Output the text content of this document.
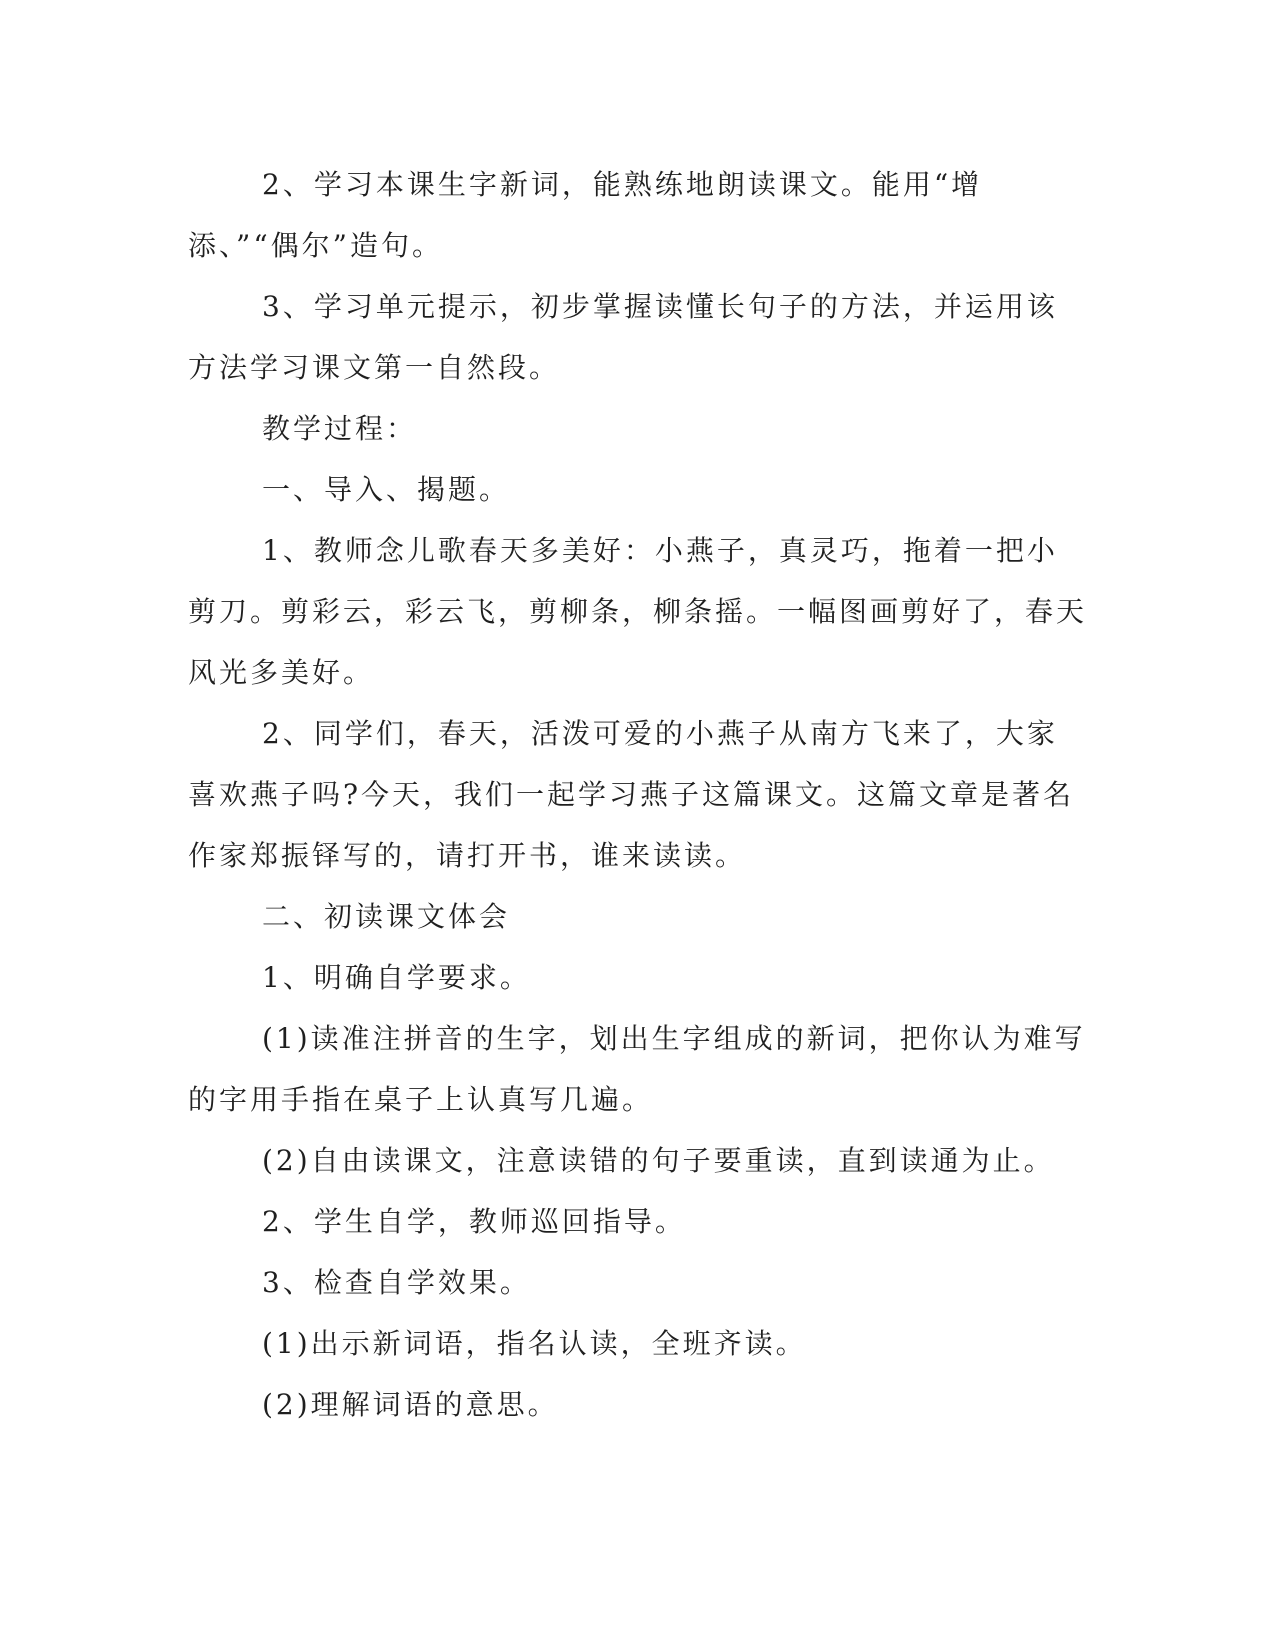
2、学习本课生字新词，能熟练地朗读课文。能用“增添、”“偶尔”造句。

3、学习单元提示，初步掌握读懂长句子的方法，并运用该方法学习课文第一自然段。

教学过程：

一、导入、揭题。

1、教师念儿歌春天多美好：小燕子，真灵巧，拖着一把小剪刀。剪彩云，彩云飞，剪柳条，柳条摇。一幅图画剪好了，春天风光多美好。

2、同学们，春天，活泼可爱的小燕子从南方飞来了，大家喜欢燕子吗?今天，我们一起学习燕子这篇课文。这篇文章是著名作家郑振铎写的，请打开书，谁来读读。

二、初读课文体会

1、明确自学要求。

(1)读准注拼音的生字，划出生字组成的新词，把你认为难写的字用手指在桌子上认真写几遍。

(2)自由读课文，注意读错的句子要重读，直到读通为止。

2、学生自学，教师巡回指导。

3、检查自学效果。

(1)出示新词语，指名认读，全班齐读。

(2)理解词语的意思。
